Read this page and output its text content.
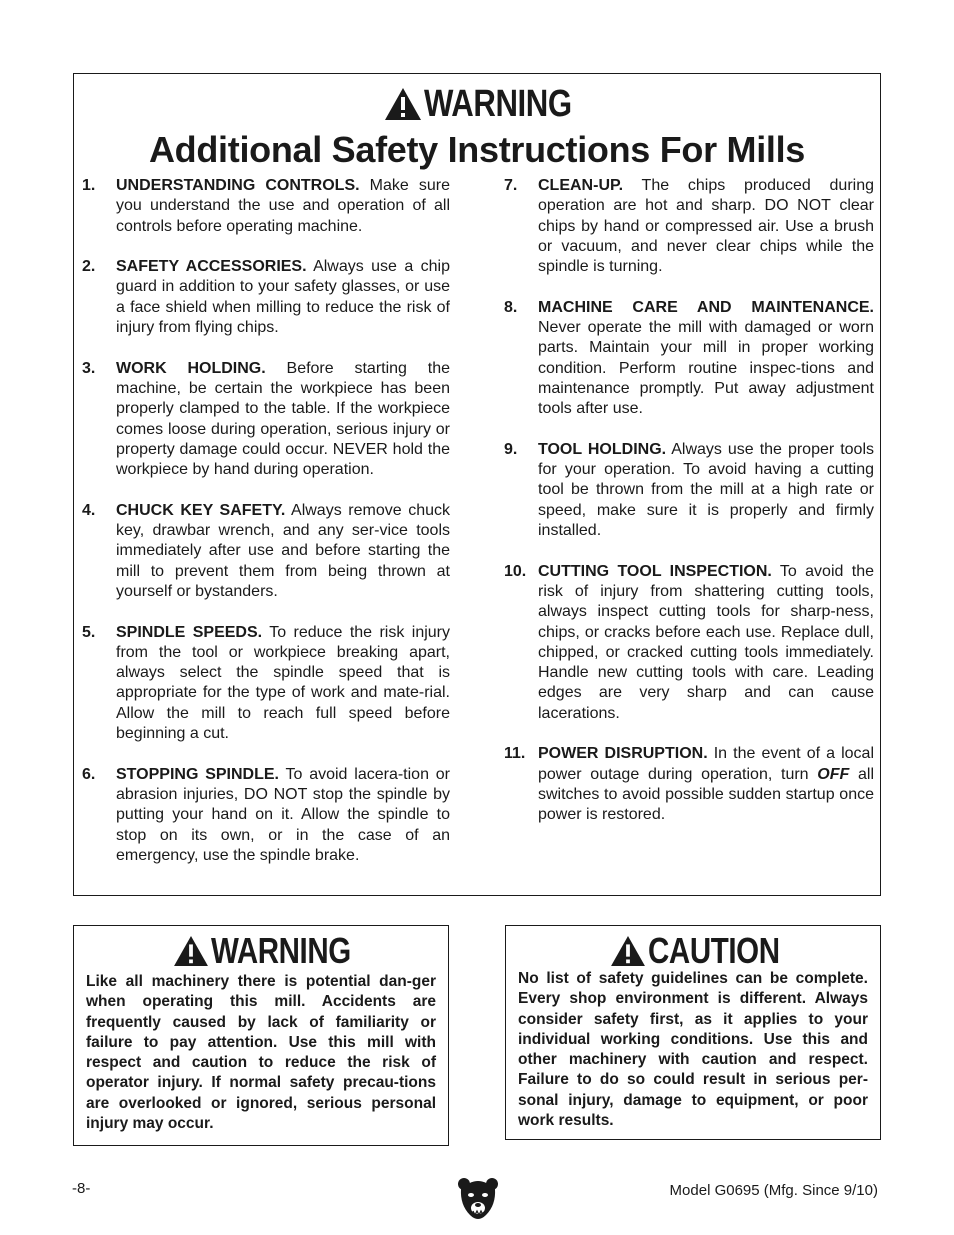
WARNING
Additional Safety Instructions For Mills
1.	UNDERSTANDING CONTROLS. Make sure you understand the use and operation of all controls before operating machine.
2.	SAFETY ACCESSORIES. Always use a chip guard in addition to your safety glasses, or use a face shield when milling to reduce the risk of injury from flying chips.
3.	WORK HOLDING. Before starting the machine, be certain the workpiece has been properly clamped to the table. If the workpiece comes loose during operation, serious injury or property damage could occur. NEVER hold the workpiece by hand during operation.
4.	CHUCK KEY SAFETY. Always remove chuck key, drawbar wrench, and any ser-vice tools immediately after use and before starting the mill to prevent them from being thrown at yourself or bystanders.
5.	SPINDLE SPEEDS. To reduce the risk injury from the tool or workpiece breaking apart, always select the spindle speed that is appropriate for the type of work and mate-rial. Allow the mill to reach full speed before beginning a cut.
6.	STOPPING SPINDLE. To avoid lacera-tion or abrasion injuries, DO NOT stop the spindle by putting your hand on it. Allow the spindle to stop on its own, or in the case of an emergency, use the spindle brake.
7.	CLEAN-UP. The chips produced during operation are hot and sharp. DO NOT clear chips by hand or compressed air. Use a brush or vacuum, and never clear chips while the spindle is turning.
8.	MACHINE CARE AND MAINTENANCE. Never operate the mill with damaged or worn parts. Maintain your mill in proper working condition. Perform routine inspec-tions and maintenance promptly. Put away adjustment tools after use.
9.	TOOL HOLDING. Always use the proper tools for your operation. To avoid having a cutting tool be thrown from the mill at a high rate or speed, make sure it is properly and firmly installed.
10. CUTTING TOOL INSPECTION. To avoid the risk of injury from shattering cutting tools, always inspect cutting tools for sharp-ness, chips, or cracks before each use. Replace dull, chipped, or cracked cutting tools immediately. Handle new cutting tools with care. Leading edges are very sharp and can cause lacerations.
11. POWER DISRUPTION. In the event of a local power outage during operation, turn OFF all switches to avoid possible sudden startup once power is restored.
WARNING
Like all machinery there is potential dan-ger when operating this mill. Accidents are frequently caused by lack of familiarity or failure to pay attention. Use this mill with respect and caution to reduce the risk of operator injury. If normal safety precau-tions are overlooked or ignored, serious personal injury may occur.
CAUTION
No list of safety guidelines can be complete. Every shop environment is different. Always consider safety first, as it applies to your individual working conditions. Use this and other machinery with caution and respect. Failure to do so could result in serious per-sonal injury, damage to equipment, or poor work results.
-8-	Model G0695 (Mfg. Since 9/10)
